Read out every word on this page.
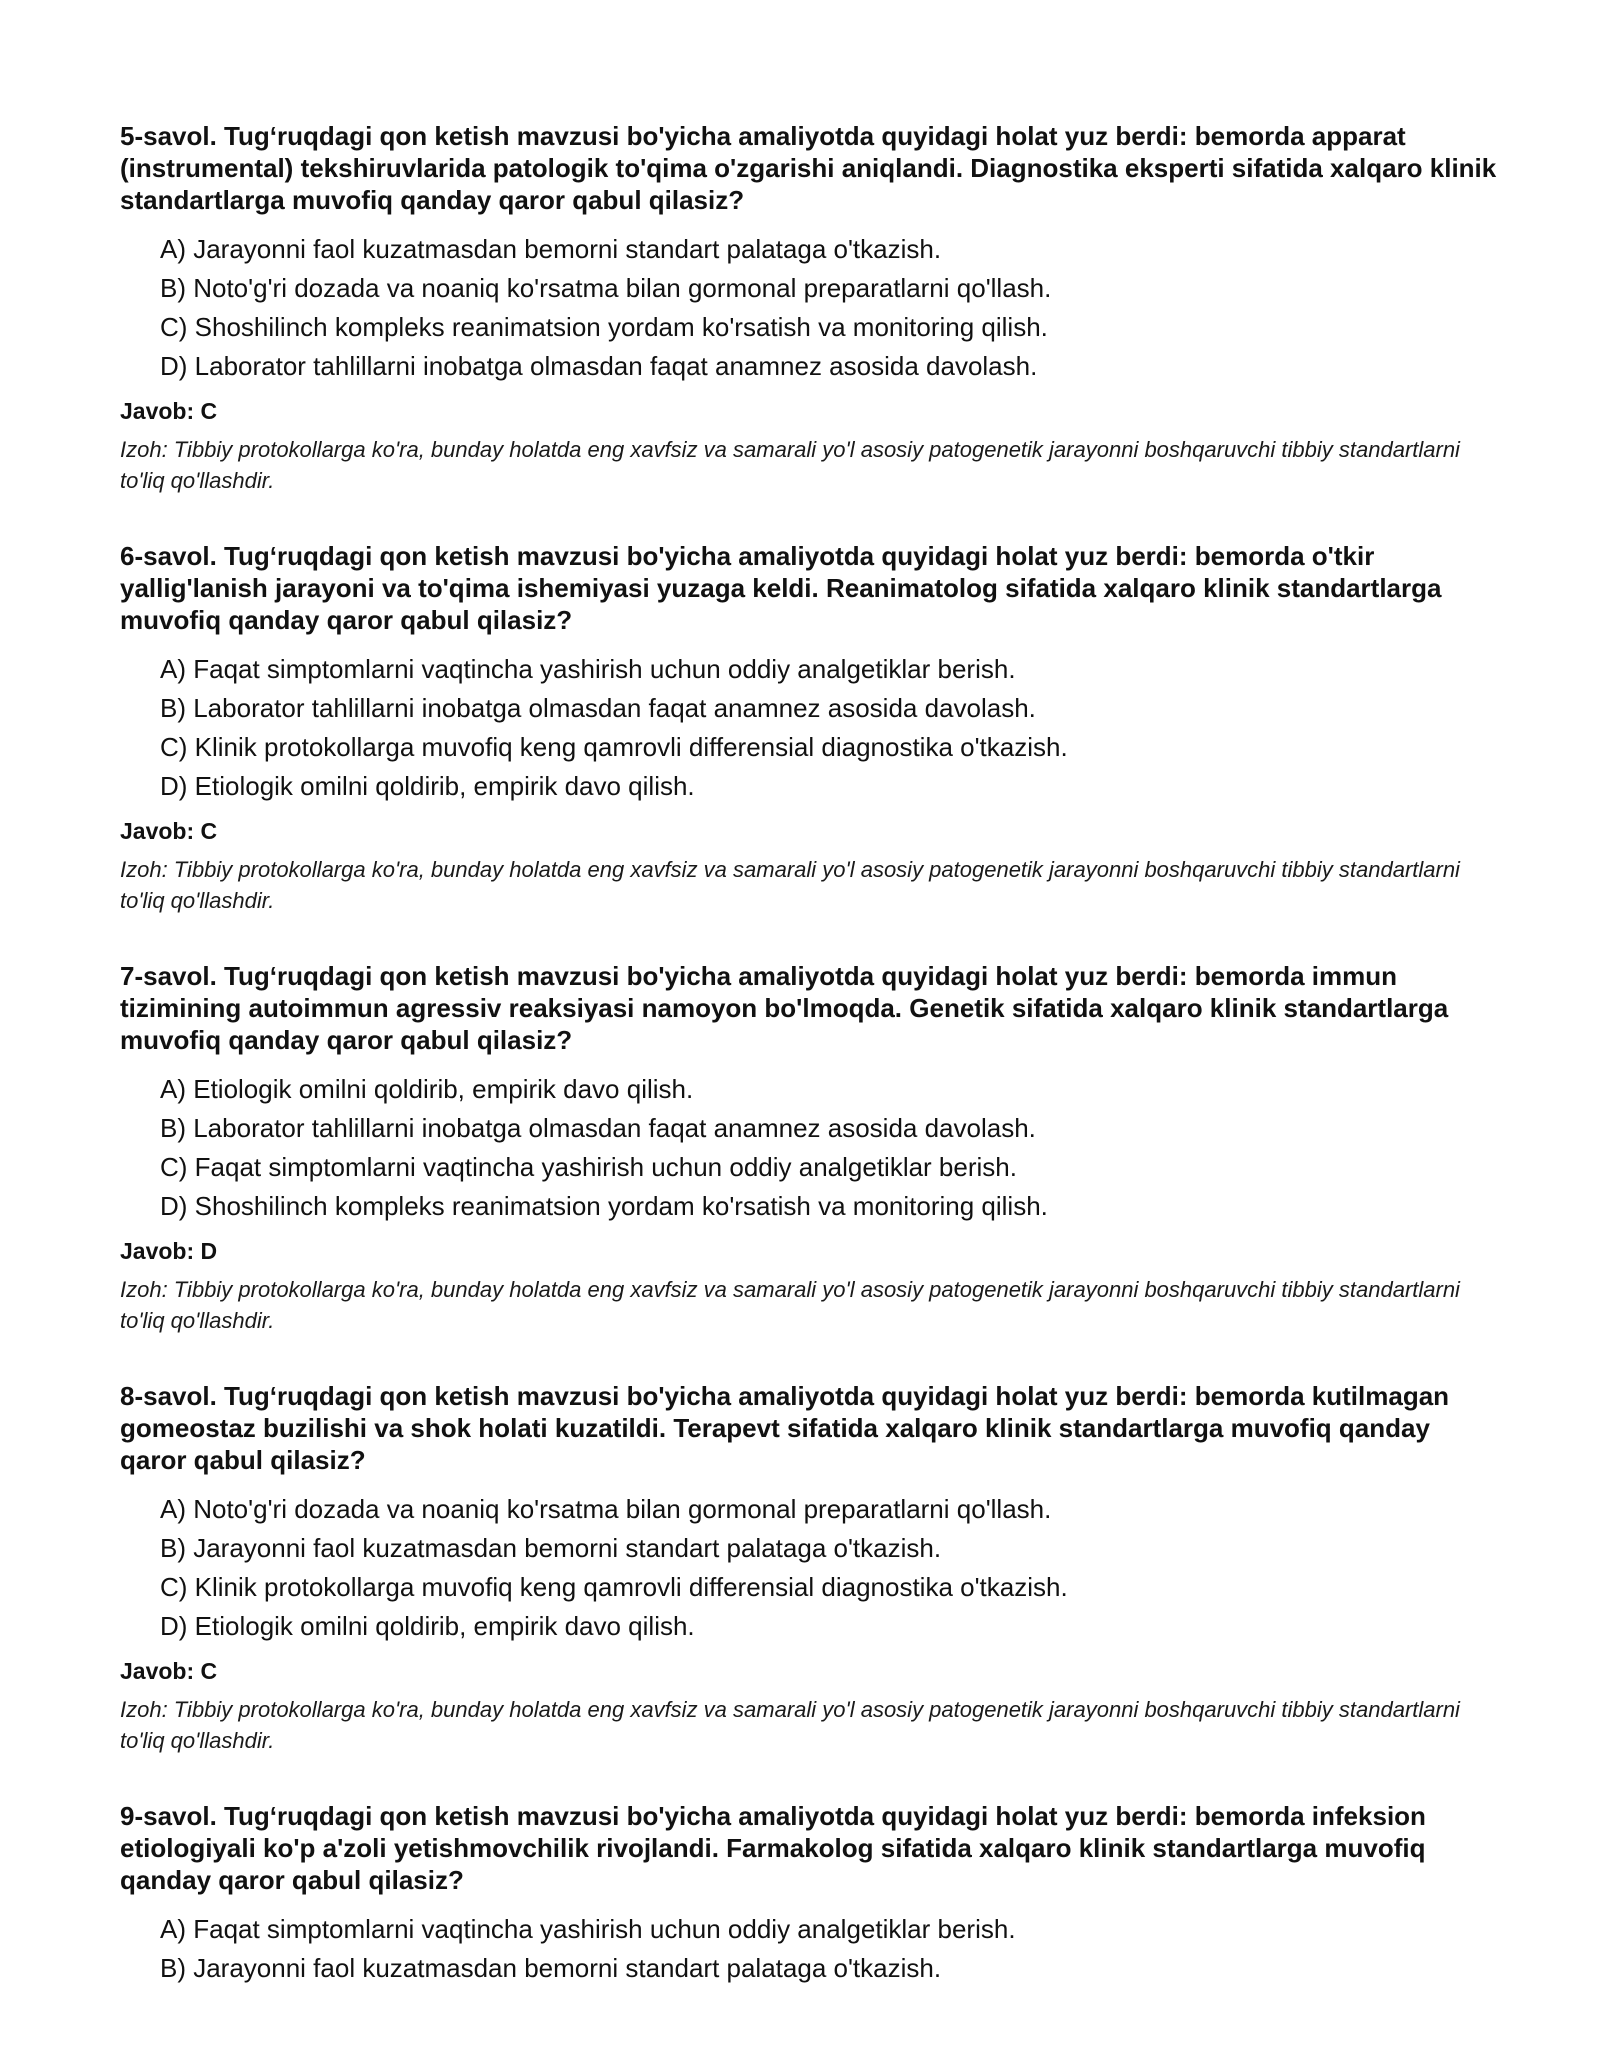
5-savol. Tug‘ruqdagi qon ketish mavzusi bo'yicha amaliyotda quyidagi holat yuz berdi: bemorda apparat (instrumental) tekshiruvlarida patologik to'qima o'zgarishi aniqlandi. Diagnostika eksperti sifatida xalqaro klinik standartlarga muvofiq qanday qaror qabul qilasiz?
A) Jarayonni faol kuzatmasdan bemorni standart palataga o'tkazish.
B) Noto'g'ri dozada va noaniq ko'rsatma bilan gormonal preparatlarni qo'llash.
C) Shoshilinch kompleks reanimatsion yordam ko'rsatish va monitoring qilish.
D) Laborator tahlillarni inobatga olmasdan faqat anamnez asosida davolash.
Javob: C
Izoh: Tibbiy protokollarga ko'ra, bunday holatda eng xavfsiz va samarali yo'l asosiy patogenetik jarayonni boshqaruvchi tibbiy standartlarni to'liq qo'llashdir.
6-savol. Tug‘ruqdagi qon ketish mavzusi bo'yicha amaliyotda quyidagi holat yuz berdi: bemorda o'tkir yallig'lanish jarayoni va to'qima ishemiyasi yuzaga keldi. Reanimatolog sifatida xalqaro klinik standartlarga muvofiq qanday qaror qabul qilasiz?
A) Faqat simptomlarni vaqtincha yashirish uchun oddiy analgetiklar berish.
B) Laborator tahlillarni inobatga olmasdan faqat anamnez asosida davolash.
C) Klinik protokollarga muvofiq keng qamrovli differensial diagnostika o'tkazish.
D) Etiologik omilni qoldirib, empirik davo qilish.
Javob: C
Izoh: Tibbiy protokollarga ko'ra, bunday holatda eng xavfsiz va samarali yo'l asosiy patogenetik jarayonni boshqaruvchi tibbiy standartlarni to'liq qo'llashdir.
7-savol. Tug‘ruqdagi qon ketish mavzusi bo'yicha amaliyotda quyidagi holat yuz berdi: bemorda immun tizimining autoimmun agressiv reaksiyasi namoyon bo'lmoqda. Genetik sifatida xalqaro klinik standartlarga muvofiq qanday qaror qabul qilasiz?
A) Etiologik omilni qoldirib, empirik davo qilish.
B) Laborator tahlillarni inobatga olmasdan faqat anamnez asosida davolash.
C) Faqat simptomlarni vaqtincha yashirish uchun oddiy analgetiklar berish.
D) Shoshilinch kompleks reanimatsion yordam ko'rsatish va monitoring qilish.
Javob: D
Izoh: Tibbiy protokollarga ko'ra, bunday holatda eng xavfsiz va samarali yo'l asosiy patogenetik jarayonni boshqaruvchi tibbiy standartlarni to'liq qo'llashdir.
8-savol. Tug‘ruqdagi qon ketish mavzusi bo'yicha amaliyotda quyidagi holat yuz berdi: bemorda kutilmagan gomeostaz buzilishi va shok holati kuzatildi. Terapevt sifatida xalqaro klinik standartlarga muvofiq qanday qaror qabul qilasiz?
A) Noto'g'ri dozada va noaniq ko'rsatma bilan gormonal preparatlarni qo'llash.
B) Jarayonni faol kuzatmasdan bemorni standart palataga o'tkazish.
C) Klinik protokollarga muvofiq keng qamrovli differensial diagnostika o'tkazish.
D) Etiologik omilni qoldirib, empirik davo qilish.
Javob: C
Izoh: Tibbiy protokollarga ko'ra, bunday holatda eng xavfsiz va samarali yo'l asosiy patogenetik jarayonni boshqaruvchi tibbiy standartlarni to'liq qo'llashdir.
9-savol. Tug‘ruqdagi qon ketish mavzusi bo'yicha amaliyotda quyidagi holat yuz berdi: bemorda infeksion etiologiyali ko'p a'zoli yetishmovchilik rivojlandi. Farmakolog sifatida xalqaro klinik standartlarga muvofiq qanday qaror qabul qilasiz?
A) Faqat simptomlarni vaqtincha yashirish uchun oddiy analgetiklar berish.
B) Jarayonni faol kuzatmasdan bemorni standart palataga o'tkazish.
